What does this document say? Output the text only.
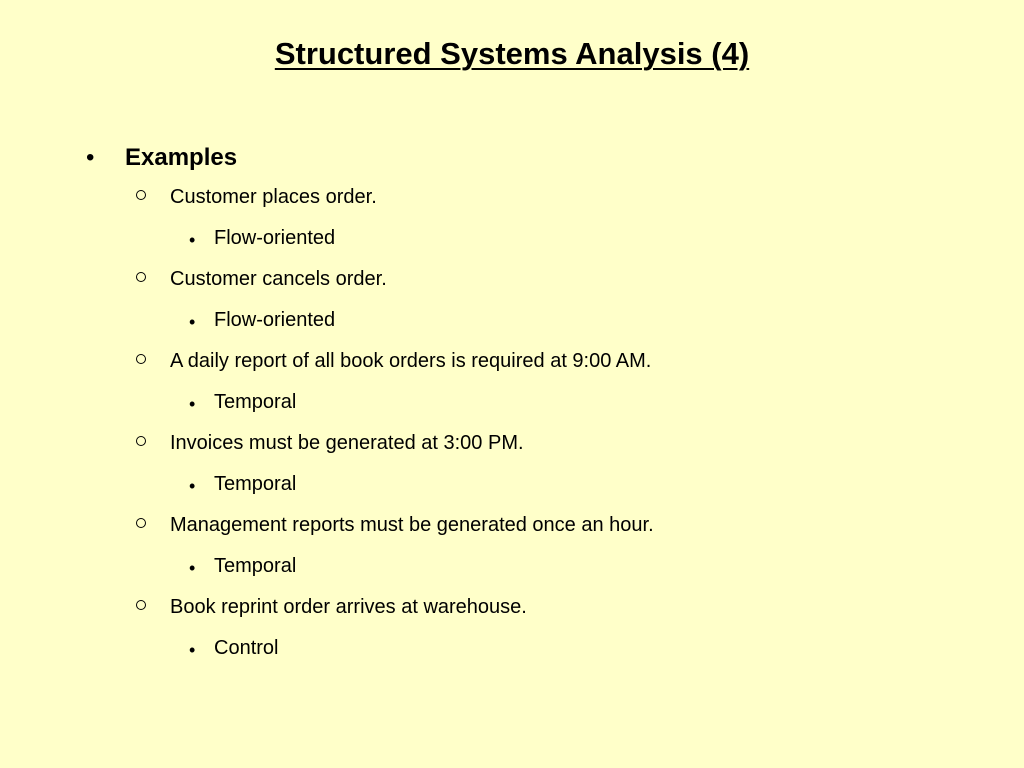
Structured Systems Analysis (4)
• Examples
Customer places order.
• Flow-oriented
Customer cancels order.
• Flow-oriented
A daily report of all book orders is required at 9:00 AM.
• Temporal
Invoices must be generated at 3:00 PM.
• Temporal
Management reports must be generated once an hour.
• Temporal
Book reprint order arrives at warehouse.
• Control
